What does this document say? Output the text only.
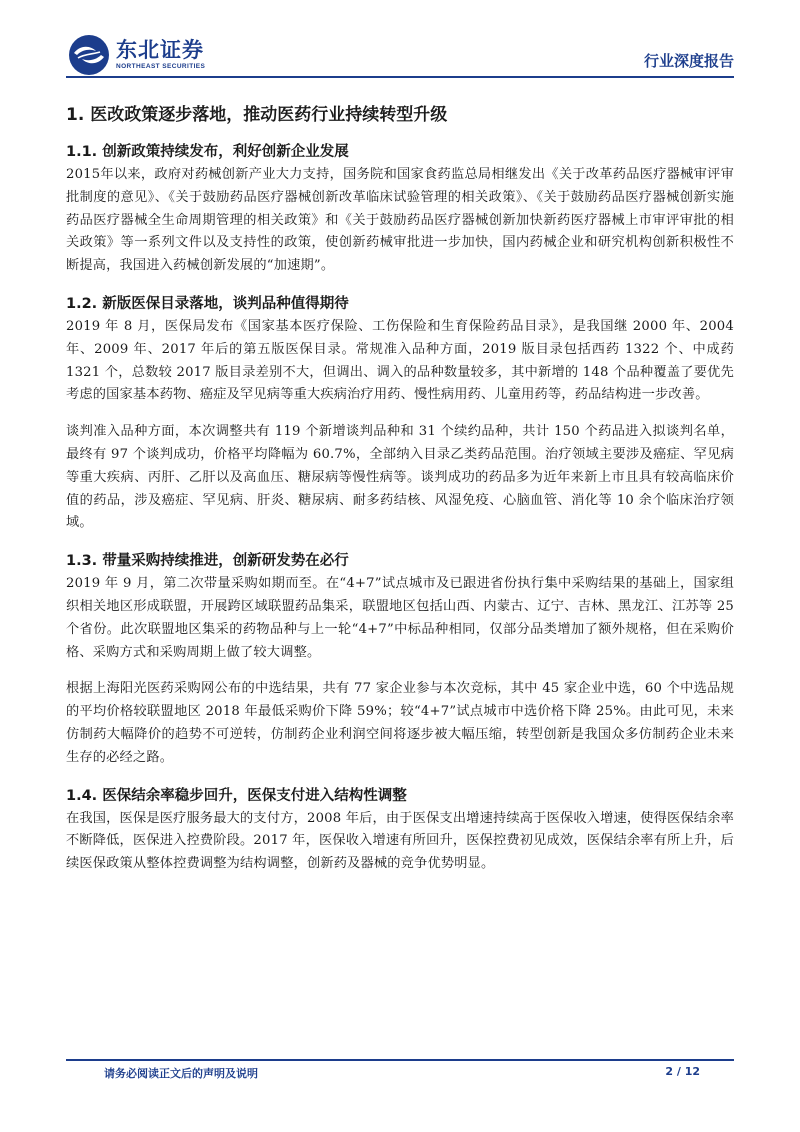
东北证券
NORTHEAST SECURITIES	行业深度报告
1. 医改政策逐步落地，推动医药行业持续转型升级
1.1. 创新政策持续发布，利好创新企业发展

2015年以来，政府对药械创新产业大力支持，国务院和国家食药监总局相继发出《关于改革药品医疗器械审评审批制度的意见》、《关于鼓励药品医疗器械创新改革临床试验管理的相关政策》、《关于鼓励药品医疗器械创新实施药品医疗器械全生命周期管理的相关政策》和《关于鼓励药品医疗器械创新加快新药医疗器械上市审评审批的相关政策》等一系列文件以及支持性的政策，使创新药械审批进一步加快，国内药械企业和研究机构创新积极性不断提高，我国进入药械创新发展的“加速期”。

1.2. 新版医保目录落地，谈判品种值得期待

2019 年 8 月，医保局发布《国家基本医疗保险、工伤保险和生育保险药品目录》，是我国继 2000 年、2004 年、2009 年、2017 年后的第五版医保目录。常规准入品种方面，2019 版目录包括西药 1322 个、中成药 1321 个，总数较 2017 版目录差别不大，但调出、调入的品种数量较多，其中新增的 148 个品种覆盖了要优先考虑的国家基本药物、癌症及罕见病等重大疾病治疗用药、慢性病用药、儿童用药等，药品结构进一步改善。

谈判准入品种方面，本次调整共有 119 个新增谈判品种和 31 个续约品种，共计 150 个药品进入拟谈判名单，最终有 97 个谈判成功，价格平均降幅为 60.7%，全部纳入目录乙类药品范围。治疗领域主要涉及癌症、罕见病等重大疾病、丙肝、乙肝以及高血压、糖尿病等慢性病等。谈判成功的药品多为近年来新上市且具有较高临床价值的药品，涉及癌症、罕见病、肝炎、糖尿病、耐多药结核、风湿免疫、心脑血管、消化等 10 余个临床治疗领域。

1.3. 带量采购持续推进，创新研发势在必行

2019 年 9 月，第二次带量采购如期而至。在“4+7”试点城市及已跟进省份执行集中采购结果的基础上，国家组织相关地区形成联盟，开展跨区域联盟药品集采，联盟地区包括山西、内蒙古、辽宁、吉林、黑龙江、江苏等 25 个省份。此次联盟地区集采的药物品种与上一轮“4+7”中标品种相同，仅部分品类增加了额外规格，但在采购价格、采购方式和采购周期上做了较大调整。

根据上海阳光医药采购网公布的中选结果，共有 77 家企业参与本次竞标，其中 45 家企业中选，60 个中选品规的平均价格较联盟地区 2018 年最低采购价下降 59%；较“4+7”试点城市中选价格下降 25%。由此可见，未来仿制药大幅降价的趋势不可逆转，仿制药企业利润空间将逐步被大幅压缩，转型创新是我国众多仿制药企业未来生存的必经之路。

1.4. 医保结余率稳步回升，医保支付进入结构性调整

在我国，医保是医疗服务最大的支付方，2008 年后，由于医保支出增速持续高于医保收入增速，使得医保结余率不断降低，医保进入控费阶段。2017 年，医保收入增速有所回升，医保控费初见成效，医保结余率有所上升，后续医保政策从整体控费调整为结构调整，创新药及器械的竞争优势明显。

请务必阅读正文后的声明及说明	2 / 12
